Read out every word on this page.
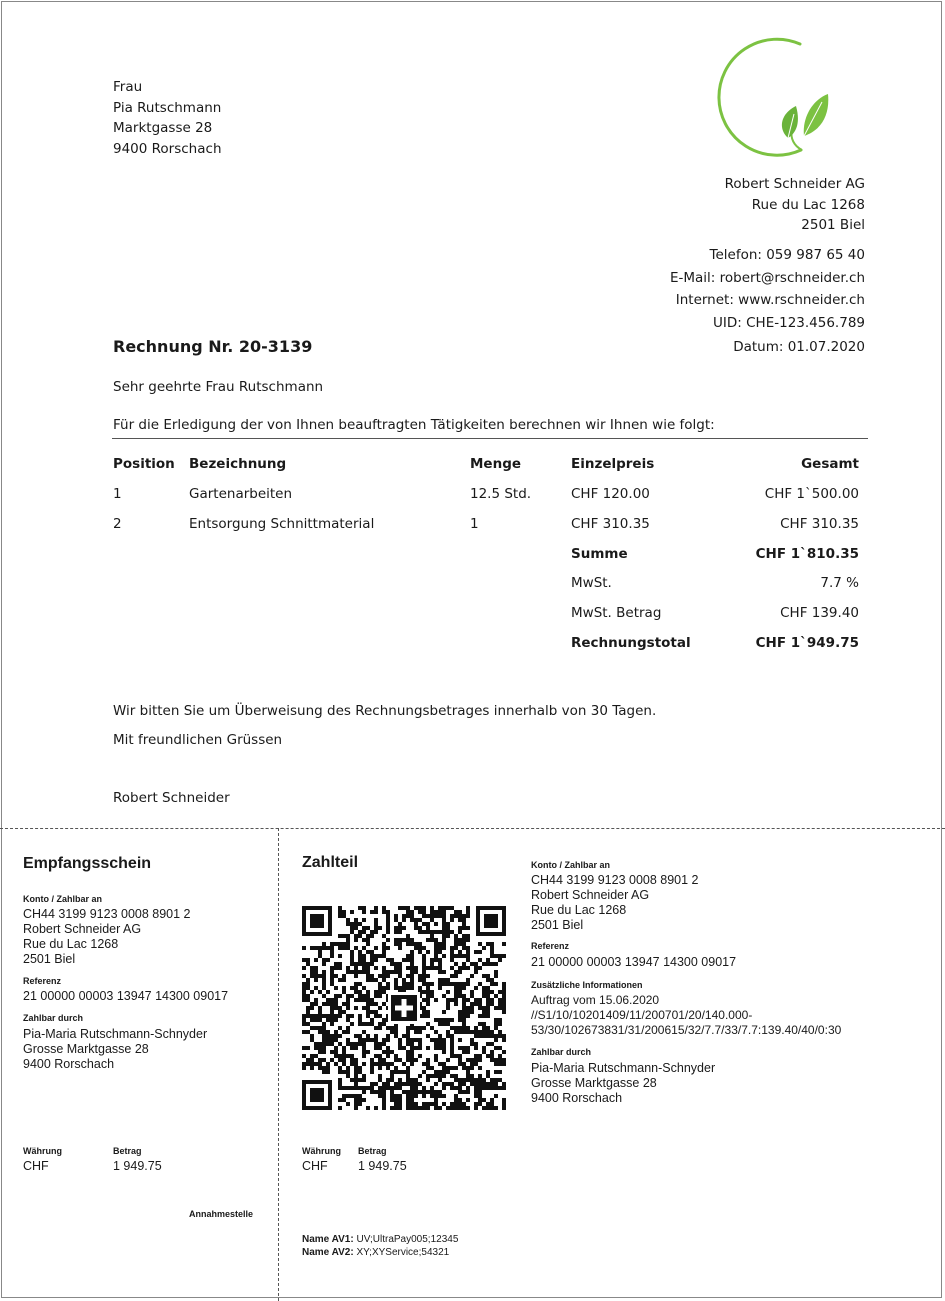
Frau
Pia Rutschmann
Marktgasse 28
9400 Rorschach
Robert Schneider AG
Rue du Lac 1268
2501 Biel
Telefon: 059 987 65 40
E-Mail: robert@rschneider.ch
Internet: www.rschneider.ch
UID: CHE-123.456.789
Datum: 01.07.2020
Rechnung Nr. 20-3139
Sehr geehrte Frau Rutschmann
Für die Erledigung der von Ihnen beauftragten Tätigkeiten berechnen wir Ihnen wie folgt:
Position Bezeichnung	Menge	Einzelpreis	Gesamt
1	Gartenarbeiten	12.5 Std.	CHF 120.00	CHF 1`500.00
2	Entsorgung Schnittmaterial	1	CHF 310.35	CHF 310.35
Summe	CHF 1`810.35
MwSt.	7.7 %
MwSt. Betrag	CHF 139.40
Rechnungstotal	CHF 1`949.75
Wir bitten Sie um Überweisung des Rechnungsbetrages innerhalb von 30 Tagen.
Mit freundlichen Grüssen
Robert Schneider
Empfangsschein
Konto / Zahlbar an
CH44 3199 9123 0008 8901 2
Robert Schneider AG
Rue du Lac 1268
2501 Biel
Referenz
21 00000 00003 13947 14300 09017
Zahlbar durch
Pia-Maria Rutschmann-Schnyder
Grosse Marktgasse 28
9400 Rorschach
Währung	Betrag
CHF	1 949.75
Annahmestelle
Zahlteil
Währung Betrag
CHF 1 949.75
Name AV1: UV;UltraPay005;12345
Name AV2: XY;XYService;54321
Konto / Zahlbar an
CH44 3199 9123 0008 8901 2
Robert Schneider AG
Rue du Lac 1268
2501 Biel
Referenz
21 00000 00003 13947 14300 09017
Zusätzliche Informationen
Auftrag vom 15.06.2020
//S1/10/10201409/11/200701/20/140.000-
53/30/102673831/31/200615/32/7.7/33/7.7:139.40/40/0:30
Zahlbar durch
Pia-Maria Rutschmann-Schnyder
Grosse Marktgasse 28
9400 Rorschach
